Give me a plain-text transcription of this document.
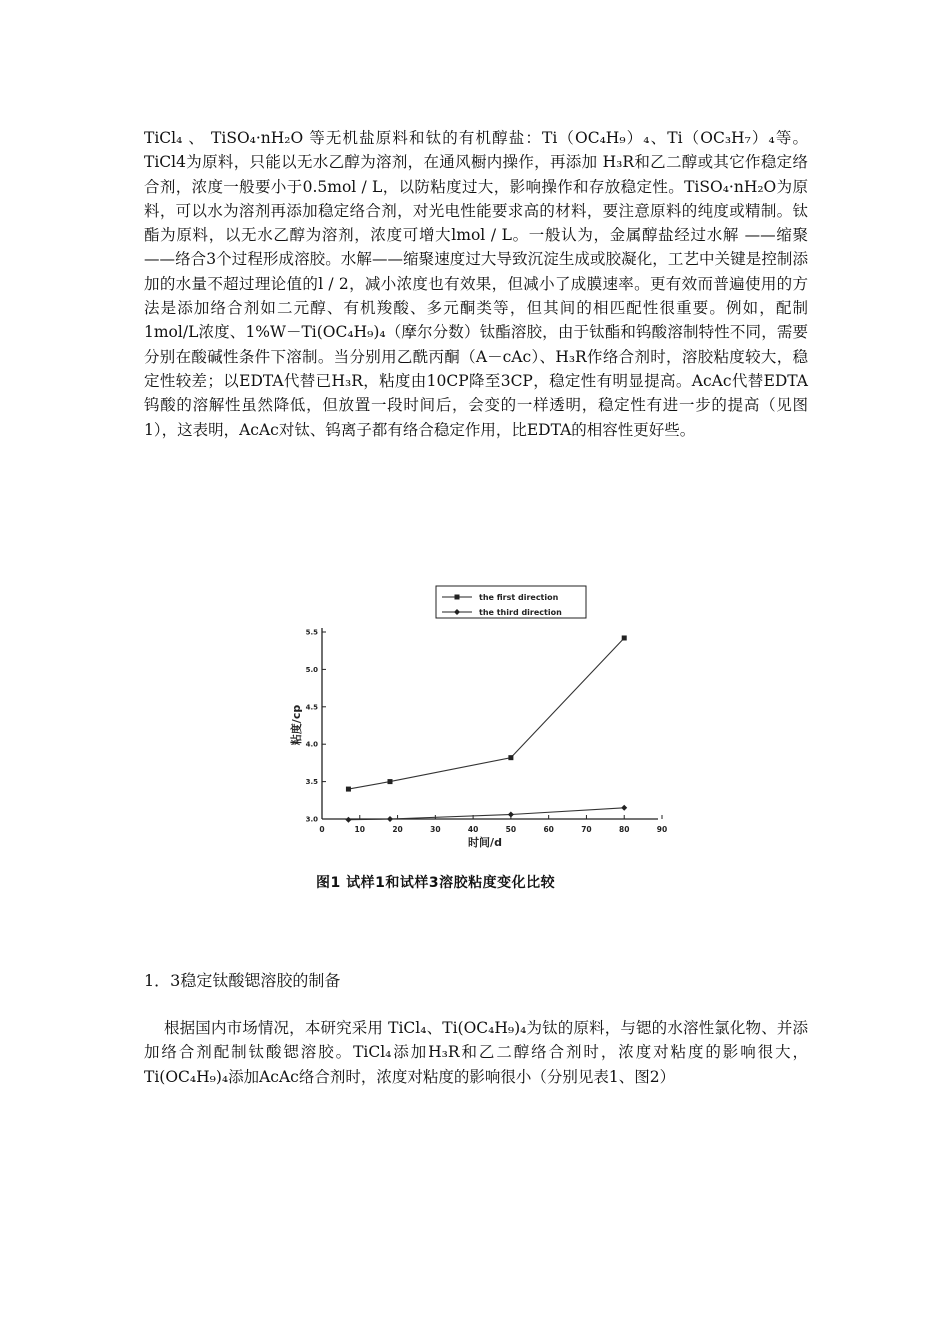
TiCl₄ 、 TiSO₄·nH₂O 等无机盐原料和钛的有机醇盐：Ti（OC₄H₉）₄、Ti（OC₃H₇）₄等。TiCl4为原料，只能以无水乙醇为溶剂，在通风橱内操作，再添加 H₃R和乙二醇或其它作稳定络合剂，浓度一般要小于0.5mol / L，以防粘度过大，影响操作和存放稳定性。TiSO₄·nH₂O为原料，可以水为溶剂再添加稳定络合剂，对光电性能要求高的材料，要注意原料的纯度或精制。钛酯为原料，以无水乙醇为溶剂，浓度可增大lmol / L。一般认为，金属醇盐经过水解 ——缩聚——络合3个过程形成溶胶。水解——缩聚速度过大导致沉淀生成或胶凝化，工艺中关键是控制添加的水量不超过理论值的l / 2，减小浓度也有效果，但减小了成膜速率。更有效而普遍使用的方法是添加络合剂如二元醇、有机羧酸、多元酮类等，但其间的相匹配性很重要。例如，配制1mol/L浓度、1%W－Ti(OC₄H₉)₄（摩尔分数）钛酯溶胶，由于钛酯和钨酸溶制特性不同，需要分别在酸碱性条件下溶制。当分别用乙酰丙酮（A－cAc）、H₃R作络合剂时，溶胶粘度较大，稳定性较差；以EDTA代替已H₃R，粘度由10CP降至3CP，稳定性有明显提高。AcAc代替EDTA钨酸的溶解性虽然降低，但放置一段时间后，会变的一样透明，稳定性有进一步的提高（见图1），这表明，AcAc对钛、钨离子都有络合稳定作用，比EDTA的相容性更好些。

the first direction
the third direction
0	10	20	30	40	50	60	70	80	90
3.0
3.5
4.0
4.5
5.0
5.5
时间/d
粘度/cp
图1 试样1和试样3溶胶粘度变化比较

1．3稳定钛酸锶溶胶的制备

根据国内市场情况，本研究采用 TiCl₄、Ti(OC₄H₉)₄为钛的原料，与锶的水溶性氯化物、并添加络合剂配制钛酸锶溶胶。TiCl₄添加H₃R和乙二醇络合剂时，浓度对粘度的影响很大，Ti(OC₄H₉)₄添加AcAc络合剂时，浓度对粘度的影响很小（分别见表1、图2）
